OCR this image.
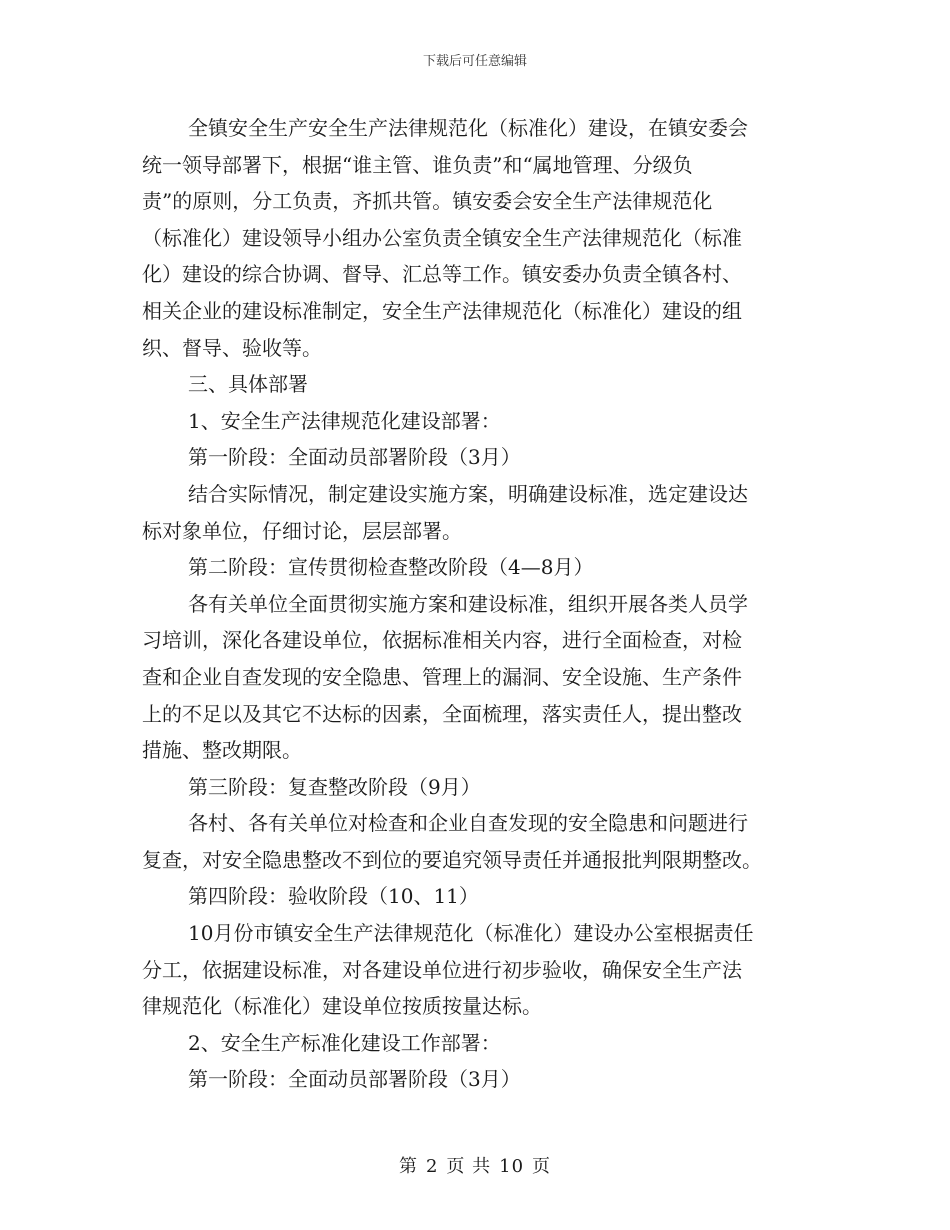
下载后可任意编辑
全镇安全生产安全生产法律规范化（标准化）建设，在镇安委会
统一领导部署下，根据“谁主管、谁负责”和“属地管理、分级负
责”的原则，分工负责，齐抓共管。镇安委会安全生产法律规范化
（标准化）建设领导小组办公室负责全镇安全生产法律规范化（标准
化）建设的综合协调、督导、汇总等工作。镇安委办负责全镇各村、
相关企业的建设标准制定，安全生产法律规范化（标准化）建设的组
织、督导、验收等。
三、具体部署
1、安全生产法律规范化建设部署：
第一阶段：全面动员部署阶段（3月）
结合实际情况，制定建设实施方案，明确建设标准，选定建设达
标对象单位，仔细讨论，层层部署。
第二阶段：宣传贯彻检查整改阶段（4—8月）
各有关单位全面贯彻实施方案和建设标准，组织开展各类人员学
习培训，深化各建设单位，依据标准相关内容，进行全面检查，对检
查和企业自查发现的安全隐患、管理上的漏洞、安全设施、生产条件
上的不足以及其它不达标的因素，全面梳理，落实责任人，提出整改
措施、整改期限。
第三阶段：复查整改阶段（9月）
各村、各有关单位对检查和企业自查发现的安全隐患和问题进行
复查，对安全隐患整改不到位的要追究领导责任并通报批判限期整改。
第四阶段：验收阶段（10、11）
10月份市镇安全生产法律规范化（标准化）建设办公室根据责任
分工，依据建设标准，对各建设单位进行初步验收，确保安全生产法
律规范化（标准化）建设单位按质按量达标。
2、安全生产标准化建设工作部署：
第一阶段：全面动员部署阶段（3月）
第 2 页 共 10 页
